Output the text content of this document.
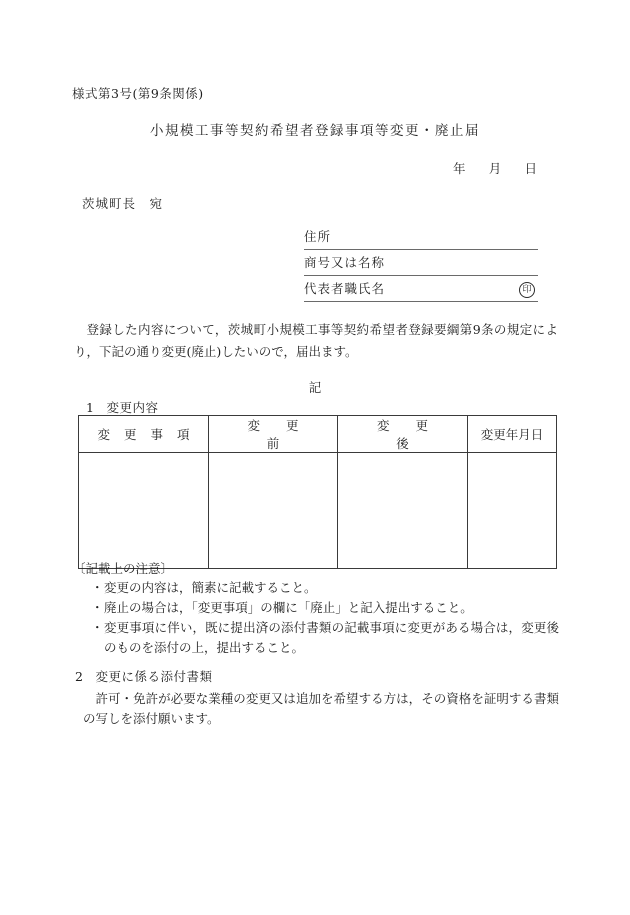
様式第3号(第9条関係)
小規模工事等契約希望者登録事項等変更・廃止届
年 月 日
茨城町長　宛
住所
商号又は名称
代表者職氏名	印
登録した内容について，茨城町小規模工事等契約希望者登録要綱第9条の規定により，下記の通り変更(廃止)したいので，届出ます。
記
1 変更内容
変更事項	変更前	変更後	変更年月日

〔記載上の注意〕
・ 変更の内容は，簡素に記載すること。
・ 廃止の場合は，「変更事項」の欄に「廃止」と記入提出すること。
・ 変更事項に伴い，既に提出済の添付書類の記載事項に変更がある場合は，変更後のものを添付の上，提出すること。
2 変更に係る添付書類
許可・免許が必要な業種の変更又は追加を希望する方は，その資格を証明する書類の写しを添付願います。
